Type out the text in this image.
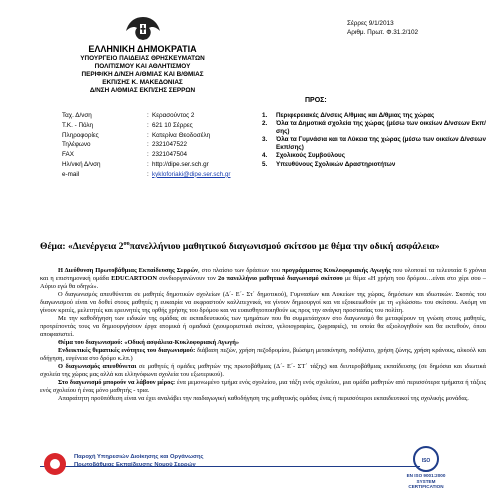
ΕΛΛΗΝΙΚΗ ΔΗΜΟΚΡΑΤΙΑ
ΥΠΟΥΡΓΕΙΟ ΠΑΙΔΕΙΑΣ ΘΡΗΣΚΕΥΜΑΤΩΝ
ΠΟΛΙΤΙΣΜΟΥ ΚΑΙ ΑΘΛΗΤΙΣΜΟΥ
ΠΕΡΙΦ/ΚΗ Δ/ΝΣΗ Α/ΘΜΙΑΣ ΚΑΙ Β/ΘΜΙΑΣ
ΕΚΠ/ΣΗΣ Κ. ΜΑΚΕΔΟΝΙΑΣ
Δ/ΝΣΗ Α/ΘΜΙΑΣ ΕΚΠ/ΣΗΣ ΣΕΡΡΩΝ
Σέρρες 9/1/2013
Αριθμ. Πρωτ. Φ.31.2/102
Ταχ. Δ/νση	: Κερασούντος 2
Τ.Κ. - Πόλη	: 621 10 Σέρρες
Πληροφορίες	: Κατερίνα Θεοδοσέλη
Τηλέφωνο	: 2321047522
FAX	: 2321047504
Ηλ/νική Δ/νση	: http://dipe.ser.sch.gr
e-mail	: kykloforiaki@dipe.ser.sch.gr
ΠΡΟΣ:
1. Περιφερειακές Δ/νσεις Α/θμιας και Δ/θμιας της χώρας
2. Όλα τα Δημοτικά σχολεία της χώρας (μέσω των οικείων Δ/νσεων Εκπ/σης)
3. Όλα τα Γυμνάσια και τα Λύκεια της χώρας (μέσω των οικείων Δ/νσεων Εκπ/σης)
4. Σχολικούς Συμβούλους
5. Υπευθύνους Σχολικών Δραστηριοτήτων
Θέμα: «Διενέργεια $2^{o\upsilon}\pi\alpha\nu\varepsilon\lambda\lambda ή\nu\iota o\upsilon$ μαθητικού διαγωνισμού σκίτσου με θέμα την οδική ασφάλεια»

Η Διεύθυνση Πρωτοβάθμιας Εκπαίδευσης Σερρών, στο πλαίσιο των δράσεων του προγράμματος Κυκλοφοριακής Αγωγής που υλοποιεί τα τελευταία 6 χρόνια και η επιστημονική ομάδα EDUCARTOON συνδιοργανώνουν τον 2ο πανελλήνιο μαθητικό διαγωνισμό σκίτσου με θέμα «Η χρήση του δρόμου…είναι στο χέρι σου – Αύριο εγώ θα οδηγώ».

Ο διαγωνισμός απευθύνεται σε μαθητές δημοτικών σχολείων (Δ΄- Ε΄- Στ΄ δημοτικού), Γυμνασίων και Λυκείων της χώρας, δημόσιων και ιδιωτικών. Σκοπός του διαγωνισμού είναι να δοθεί στους μαθητές η ευκαιρία να εκφραστούν καλλιτεχνικά, να γίνουν δημιουργοί και να εξοικειωθούν με τη «γλώσσα» του σκίτσου. Ακόμη να γίνουν κριτές, μελετητές και ερευνητές της ορθής χρήσης του δρόμου και να ευαισθητοποιηθούν ως προς την ανάγκη προστασίας του πολίτη.

Με την καθοδήγηση των ειδικών της ομάδας σε εκπαιδευτικούς των τμημάτων που θα συμμετάσχουν στο διαγωνισμό θα μεταφέρουν τη γνώση στους μαθητές, προτρέποντάς τους να δημιουργήσουν έργα ατομικά ή ομαδικά (χιουμοριστικά σκίτσα, γελοιογραφίες, ζωγραφιές), τα οποία θα αξιολογηθούν και θα εκτεθούν, όπου αποφασιστεί.

Θέμα του διαγωνισμού: «Οδική ασφάλεια-Κυκλοφοριακή Αγωγή»

Ενδεικτικές θεματικές ενότητες του διαγωνισμού: διάβαση πεζών, χρήση πεζοδρομίου, βιώσιμη μετακίνηση, ποδήλατο, χρήση ζώνης, χρήση κράνους, αλκοόλ και οδήγηση, ευγένεια στο δρόμο κ.λπ.)

Ο διαγωνισμός απευθύνεται σε μαθητές ή ομάδες μαθητών της πρωτοβάθμιας (Δ΄- Ε΄- ΣΤ΄ τάξης) και δευτεροβάθμιας εκπαίδευσης (σε δημόσια και ιδιωτικά σχολεία της χώρας μας αλλά και ελληνόφωνα σχολεία του εξωτερικού).

Στο διαγωνισμό μπορούν να λάβουν μέρος: ένα μεμονωμένο τμήμα ενός σχολείου, μια τάξη ενός σχολείου, μια ομάδα μαθητών από περισσότερα τμήματα ή τάξεις ενός σχολείου ή ένας μόνο μαθητής - τρια.

Απαραίτητη προϋπόθεση είναι να έχει αναλάβει την παιδαγωγική καθοδήγηση της μαθητικής ομάδας ένας ή περισσότεροι εκπαιδευτικοί της σχολικής μονάδας.

Παροχή Υπηρεσιών Διοίκησης και Οργάνωσης
Πρωτοβάθμιας Εκπαίδευσης Νομού Σερρών
ISO
EN ISO 9001:2000
SYSTEM CERTIFICATION
